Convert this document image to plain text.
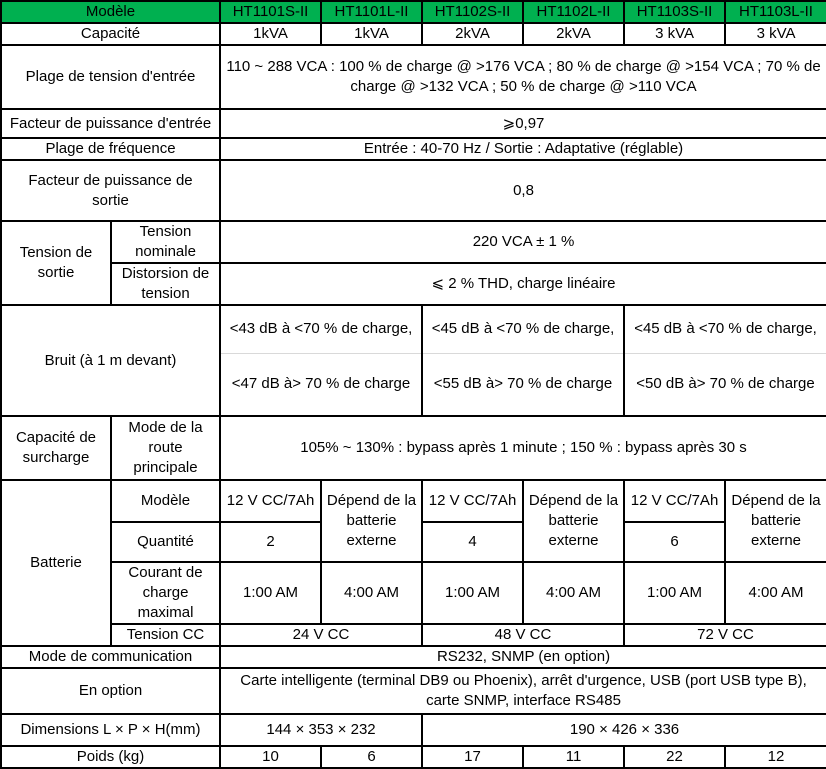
Modèle		HT1101S-II	HT1101L-II	HT1102S-II	HT1102L-II	HT1103S-II	HT1103L-II
Capacité		1kVA	1kVA	2kVA	2kVA	3 kVA	3 kVA
Plage de tension d'entrée		110 ~ 288 VCA : 100 % de charge @ >176 VCA ; 80 % de charge @ >154 VCA ; 70 % de charge @ >132 VCA ; 50 % de charge @ >110 VCA					
Facteur de puissance d'entrée		⩾0,97					
Plage de fréquence		Entrée : 40-70 Hz / Sortie : Adaptative (réglable)					
Facteur de puissance de sortie		0,8					
Tension de sortie	Tension nominale	220 VCA ± 1 %					
	Distorsion de tension	⩽ 2 % THD, charge linéaire					
Bruit (à 1 m devant)		<43 dB à <70 % de charge,		<45 dB à <70 % de charge,		<45 dB à <70 % de charge,	
		<47 dB à> 70 % de charge		<55 dB à> 70 % de charge		<50 dB à> 70 % de charge	
Capacité de surcharge	Mode de la route principale	105% ~ 130% : bypass après 1 minute ; 150 % : bypass après 30 s					
Batterie	Modèle	12 V CC/7Ah	Dépend de la batterie externe	12 V CC/7Ah	Dépend de la batterie externe	12 V CC/7Ah	Dépend de la batterie externe
	Quantité	2		4		6	
	Courant de charge maximal	1:00 AM	4:00 AM	1:00 AM	4:00 AM	1:00 AM	4:00 AM
	Tension CC	24 V CC		48 V CC		72 V CC	
Mode de communication		RS232, SNMP (en option)					
En option		Carte intelligente (terminal DB9 ou Phoenix), arrêt d'urgence, USB (port USB type B), carte SNMP, interface RS485					
Dimensions L × P × H(mm)		144 × 353 × 232		190 × 426 × 336			
Poids (kg)		10	6	17	11	22	12
